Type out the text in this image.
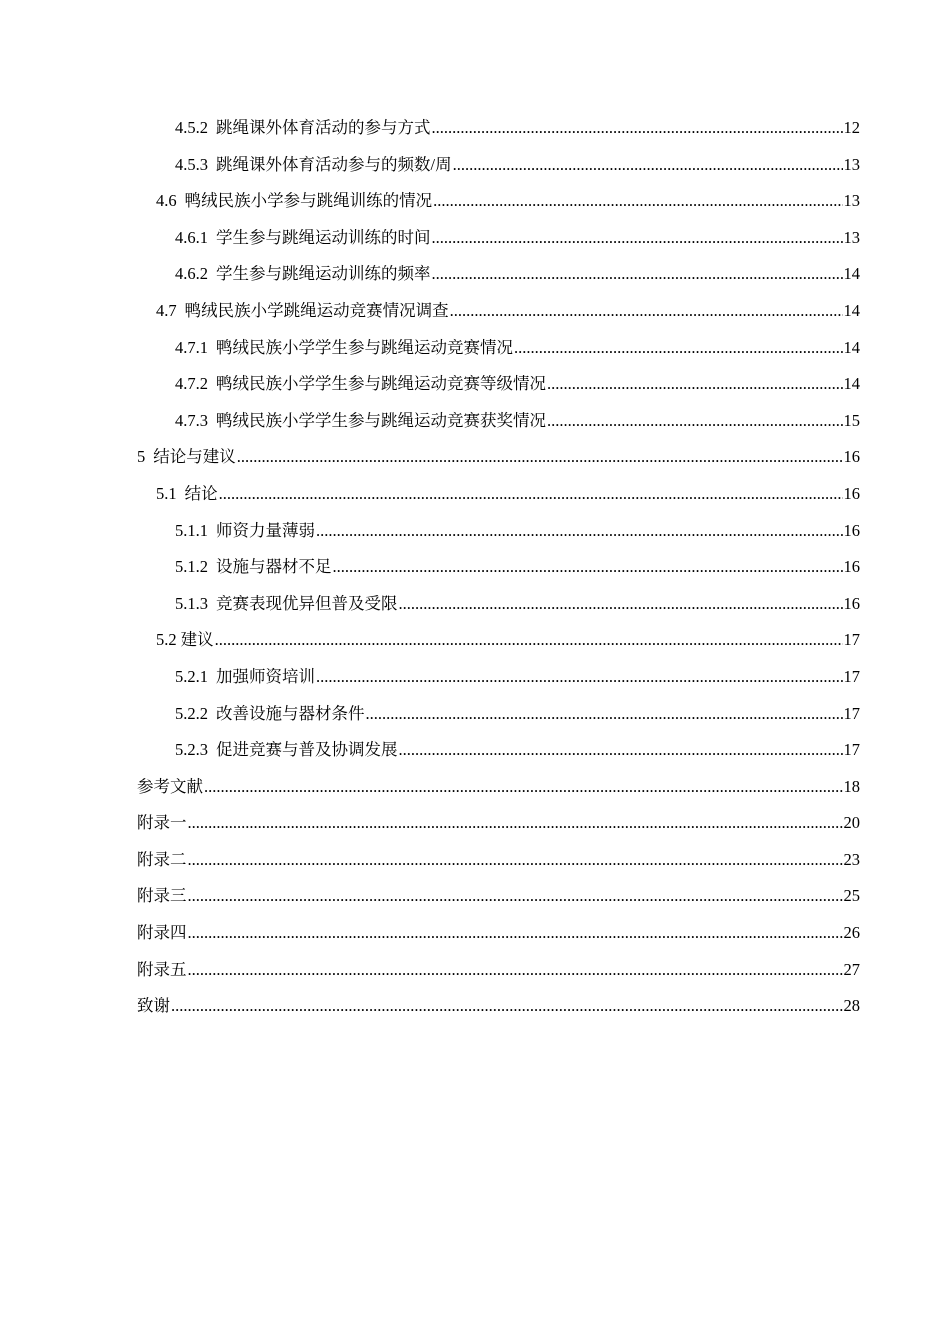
4.5.2 跳绳课外体育活动的参与方式 .....	12
4.5.3 跳绳课外体育活动参与的频数/周 .....	13
4.6 鸭绒民族小学参与跳绳训练的情况 .....	13
4.6.1 学生参与跳绳运动训练的时间 .....	13
4.6.2 学生参与跳绳运动训练的频率 .....	14
4.7 鸭绒民族小学跳绳运动竞赛情况调查 .....	14
4.7.1 鸭绒民族小学学生参与跳绳运动竞赛情况 .....	14
4.7.2 鸭绒民族小学学生参与跳绳运动竞赛等级情况 .....	14
4.7.3 鸭绒民族小学学生参与跳绳运动竞赛获奖情况 .....	15
5 结论与建议 .....	16
5.1 结论 .....	16
5.1.1 师资力量薄弱 .....	16
5.1.2 设施与器材不足 .....	16
5.1.3 竞赛表现优异但普及受限 .....	16
5.2 建议 .....	17
5.2.1 加强师资培训 .....	17
5.2.2 改善设施与器材条件 .....	17
5.2.3 促进竞赛与普及协调发展 .....	17
参考文献 .....	18
附录一 .....	20
附录二 .....	23
附录三 .....	25
附录四 .....	26
附录五 .....	27
致谢 .....	28
